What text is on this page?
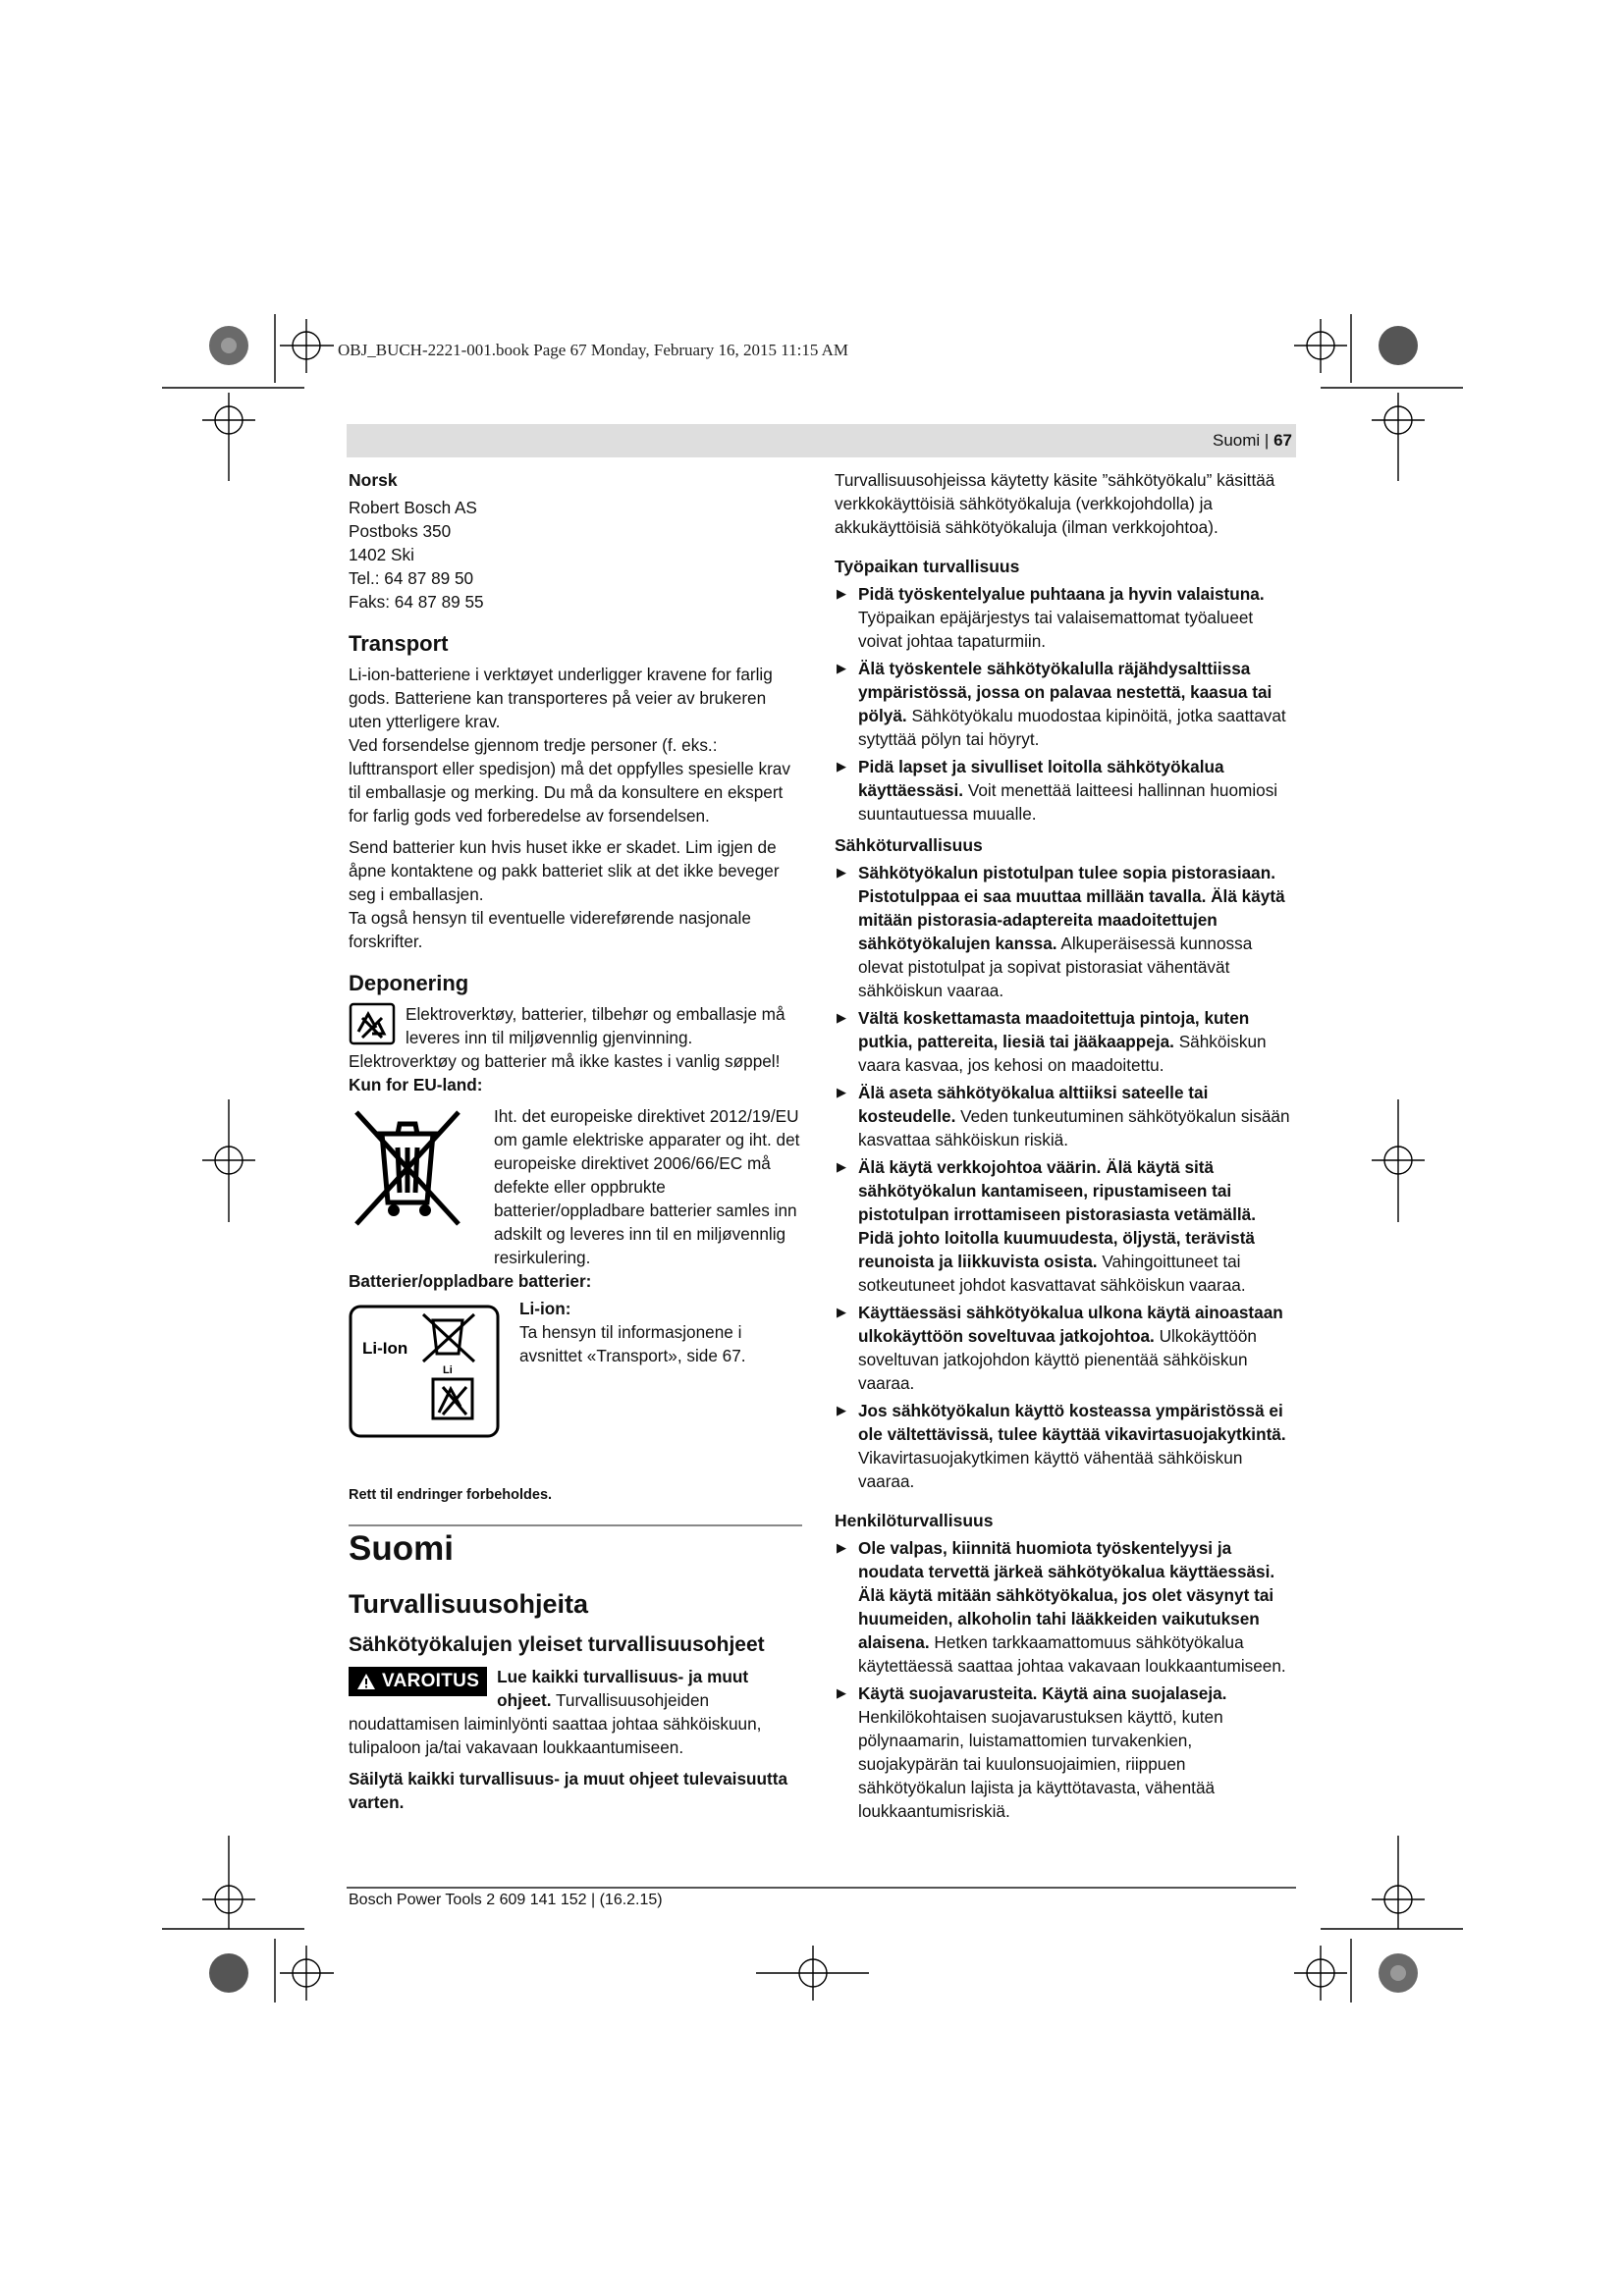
OBJ_BUCH-2221-001.book Page 67 Monday, February 16, 2015 11:15 AM
Suomi | 67

Norsk

Robert Bosch AS

Postboks 350

1402 Ski

Tel.: 64 87 89 50

Faks: 64 87 89 55

Transport

Li-ion-batteriene i verktøyet underligger kravene for farlig gods. Batteriene kan transporteres på veier av brukeren uten ytterligere krav.

Ved forsendelse gjennom tredje personer (f. eks.: lufttransport eller spedisjon) må det oppfylles spesielle krav til emballasje og merking. Du må da konsultere en ekspert for farlig gods ved forberedelse av forsendelsen.

Send batterier kun hvis huset ikke er skadet. Lim igjen de åpne kontaktene og pakk batteriet slik at det ikke beveger seg i emballasjen.

Ta også hensyn til eventuelle videreførende nasjonale forskrifter.

Deponering

Elektroverktøy, batterier, tilbehør og emballasje må leveres inn til miljøvennlig gjenvinning.

Elektroverktøy og batterier må ikke kastes i vanlig søppel!

Kun for EU-land:

Iht. det europeiske direktivet 2012/19/EU om gamle elektriske apparater og iht. det europeiske direktivet 2006/66/EC må defekte eller oppbrukte batterier/oppladbare batterier samles inn adskilt og leveres inn til en miljøvennlig resirkulering.

Batterier/oppladbare batterier:

Li
Li-Ion

Li-ion:

Ta hensyn til informasjonene i avsnittet «Transport», side 67.

Rett til endringer forbeholdes.

Suomi

Turvallisuusohjeita

Sähkötyökalujen yleiset turvallisuusohjeet

VAROITUS	Lue kaikki turvallisuus- ja muut ohjeet. Turvallisuusohjeiden noudattamisen laiminlyönti saattaa johtaa sähköiskuun, tulipaloon ja/tai vakavaan loukkaantumiseen.

Säilytä kaikki turvallisuus- ja muut ohjeet tulevaisuutta varten.

Turvallisuusohjeissa käytetty käsite ”sähkötyökalu” käsittää verkkokäyttöisiä sähkötyökaluja (verkkojohdolla) ja akkukäyttöisiä sähkötyökaluja (ilman verkkojohtoa).

Työpaikan turvallisuus

▶ Pidä työskentelyalue puhtaana ja hyvin valaistuna. Työpaikan epäjärjestys tai valaisemattomat työalueet voivat johtaa tapaturmiin.
▶ Älä työskentele sähkötyökalulla räjähdysalttiissa ympäristössä, jossa on palavaa nestettä, kaasua tai pölyä. Sähkötyökalu muodostaa kipinöitä, jotka saattavat sytyttää pölyn tai höyryt.
▶ Pidä lapset ja sivulliset loitolla sähkötyökalua käyttäessäsi. Voit menettää laitteesi hallinnan huomiosi suuntautuessa muualle.

Sähköturvallisuus

▶ Sähkötyökalun pistotulpan tulee sopia pistorasiaan. Pistotulppaa ei saa muuttaa millään tavalla. Älä käytä mitään pistorasia-adaptereita maadoitettujen sähkötyökalujen kanssa. Alkuperäisessä kunnossa olevat pistotulpat ja sopivat pistorasiat vähentävät sähköiskun vaaraa.
▶ Vältä koskettamasta maadoitettuja pintoja, kuten putkia, pattereita, liesiä tai jääkaappeja. Sähköiskun vaara kasvaa, jos kehosi on maadoitettu.
▶ Älä aseta sähkötyökalua alttiiksi sateelle tai kosteudelle. Veden tunkeutuminen sähkötyökalun sisään kasvattaa sähköiskun riskiä.
▶ Älä käytä verkkojohtoa väärin. Älä käytä sitä sähkötyökalun kantamiseen, ripustamiseen tai pistotulpan irrottamiseen pistorasiasta vetämällä. Pidä johto loitolla kuumuudesta, öljystä, terävistä reunoista ja liikkuvista osista. Vahingoittuneet tai sotkeutuneet johdot kasvattavat sähköiskun vaaraa.
▶ Käyttäessäsi sähkötyökalua ulkona käytä ainoastaan ulkokäyttöön soveltuvaa jatkojohtoa. Ulkokäyttöön soveltuvan jatkojohdon käyttö pienentää sähköiskun vaaraa.
▶ Jos sähkötyökalun käyttö kosteassa ympäristössä ei ole vältettävissä, tulee käyttää vikavirtasuojakytkintä. Vikavirtasuojakytkimen käyttö vähentää sähköiskun vaaraa.

Henkilöturvallisuus

▶ Ole valpas, kiinnitä huomiota työskentelyysi ja noudata tervettä järkeä sähkötyökalua käyttäessäsi. Älä käytä mitään sähkötyökalua, jos olet väsynyt tai huumeiden, alkoholin tahi lääkkeiden vaikutuksen alaisena. Hetken tarkkaamattomuus sähkötyökalua käytettäessä saattaa johtaa vakavaan loukkaantumiseen.
▶ Käytä suojavarusteita. Käytä aina suojalaseja. Henkilökohtaisen suojavarustuksen käyttö, kuten pölynaamarin, luistamattomien turvakenkien, suojakypärän tai kuulonsuojaimien, riippuen sähkötyökalun lajista ja käyttötavasta, vähentää loukkaantumisriskiä.
Bosch Power Tools 2 609 141 152 | (16.2.15)
